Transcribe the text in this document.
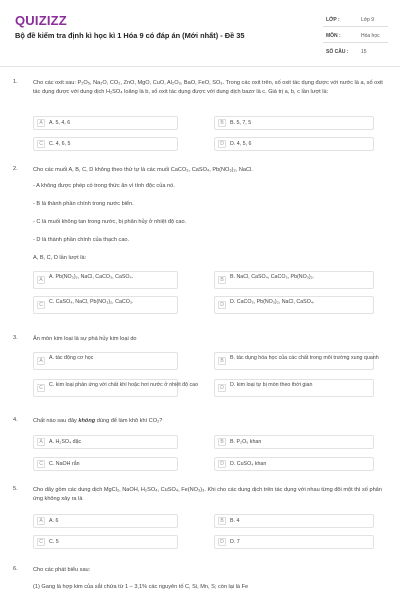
QUIZIZZ
Bộ đề kiểm tra định kì học kì 1 Hóa 9 có đáp án (Mới nhất) - Đề 35
LỚP :	Lớp 9
MÔN :	Hóa học
SỐ CÂU :	15
1.	Cho các oxit sau: P₂O₅, Na₂O, CO₂, ZnO, MgO, CuO, Al₂O₃, BaO, FeO, SO₃. Trong các oxit trên, số oxit tác dụng được với nước là a, số oxit tác dụng được với dung dịch H₂SO₄ loãng là b, số oxit tác dụng được với dung dịch bazơ là c. Giá trị a, b, c lần lượt là:
A	A. 5, 4, 6	B	B. 5, 7, 5
C	C. 4, 6, 5	D	D. 4, 5, 6
2.	Cho các muối A, B, C, D không theo thứ tự là các muối CaCO₃, CaSO₄, Pb(NO₃)₂, NaCl.
- A không được phép có trong thức ăn vì tính độc của nó.
- B là thành phần chính trong nước biển.
- C là muối không tan trong nước, bị phân hủy ở nhiệt độ cao.
- D là thành phần chính của thạch cao.
A, B, C, D lần lượt là:
A	A. Pb(NO₃)₂, NaCl, CaCO₃, CaSO₄.	B	B. NaCl, CaSO₄, CaCO₃, Pb(NO₃)₂.
C	C. CaSO₄, NaCl, Pb(NO₃)₂, CaCO₃.	D	D. CaCO₃, Pb(NO₃)₂, NaCl, CaSO₄.
3.	Ăn mòn kim loại là sự phá hủy kim loại do
A	A. tác động cơ học	B	B. tác dụng hóa học của các chất trong môi trường xung quanh
C	C. kim loại phản ứng với chất khí hoặc hơi nước ở nhiệt độ cao	D	D. kim loại tự bị mòn theo thời gian
4.	Chất nào sau đây không dùng để làm khô khí CO₂?
A	A. H₂SO₄ đặc	B	B. P₂O₅ khan
C	C. NaOH rắn	D	D. CuSO₄ khan
5.	Cho dãy gồm các dung dịch MgCl₂, NaOH, H₂SO₄, CuSO₄, Fe(NO₃)₃. Khi cho các dung dịch trên tác dụng với nhau từng đôi một thì số phản ứng không xảy ra là
A	A. 6	B	B. 4
C	C. 5	D	D. 7
6.	Cho các phát biểu sau:
(1) Gang là hợp kim của sắt chứa từ 1 – 3,1% các nguyên tố C, Si, Mn, S; còn lại là Fe
